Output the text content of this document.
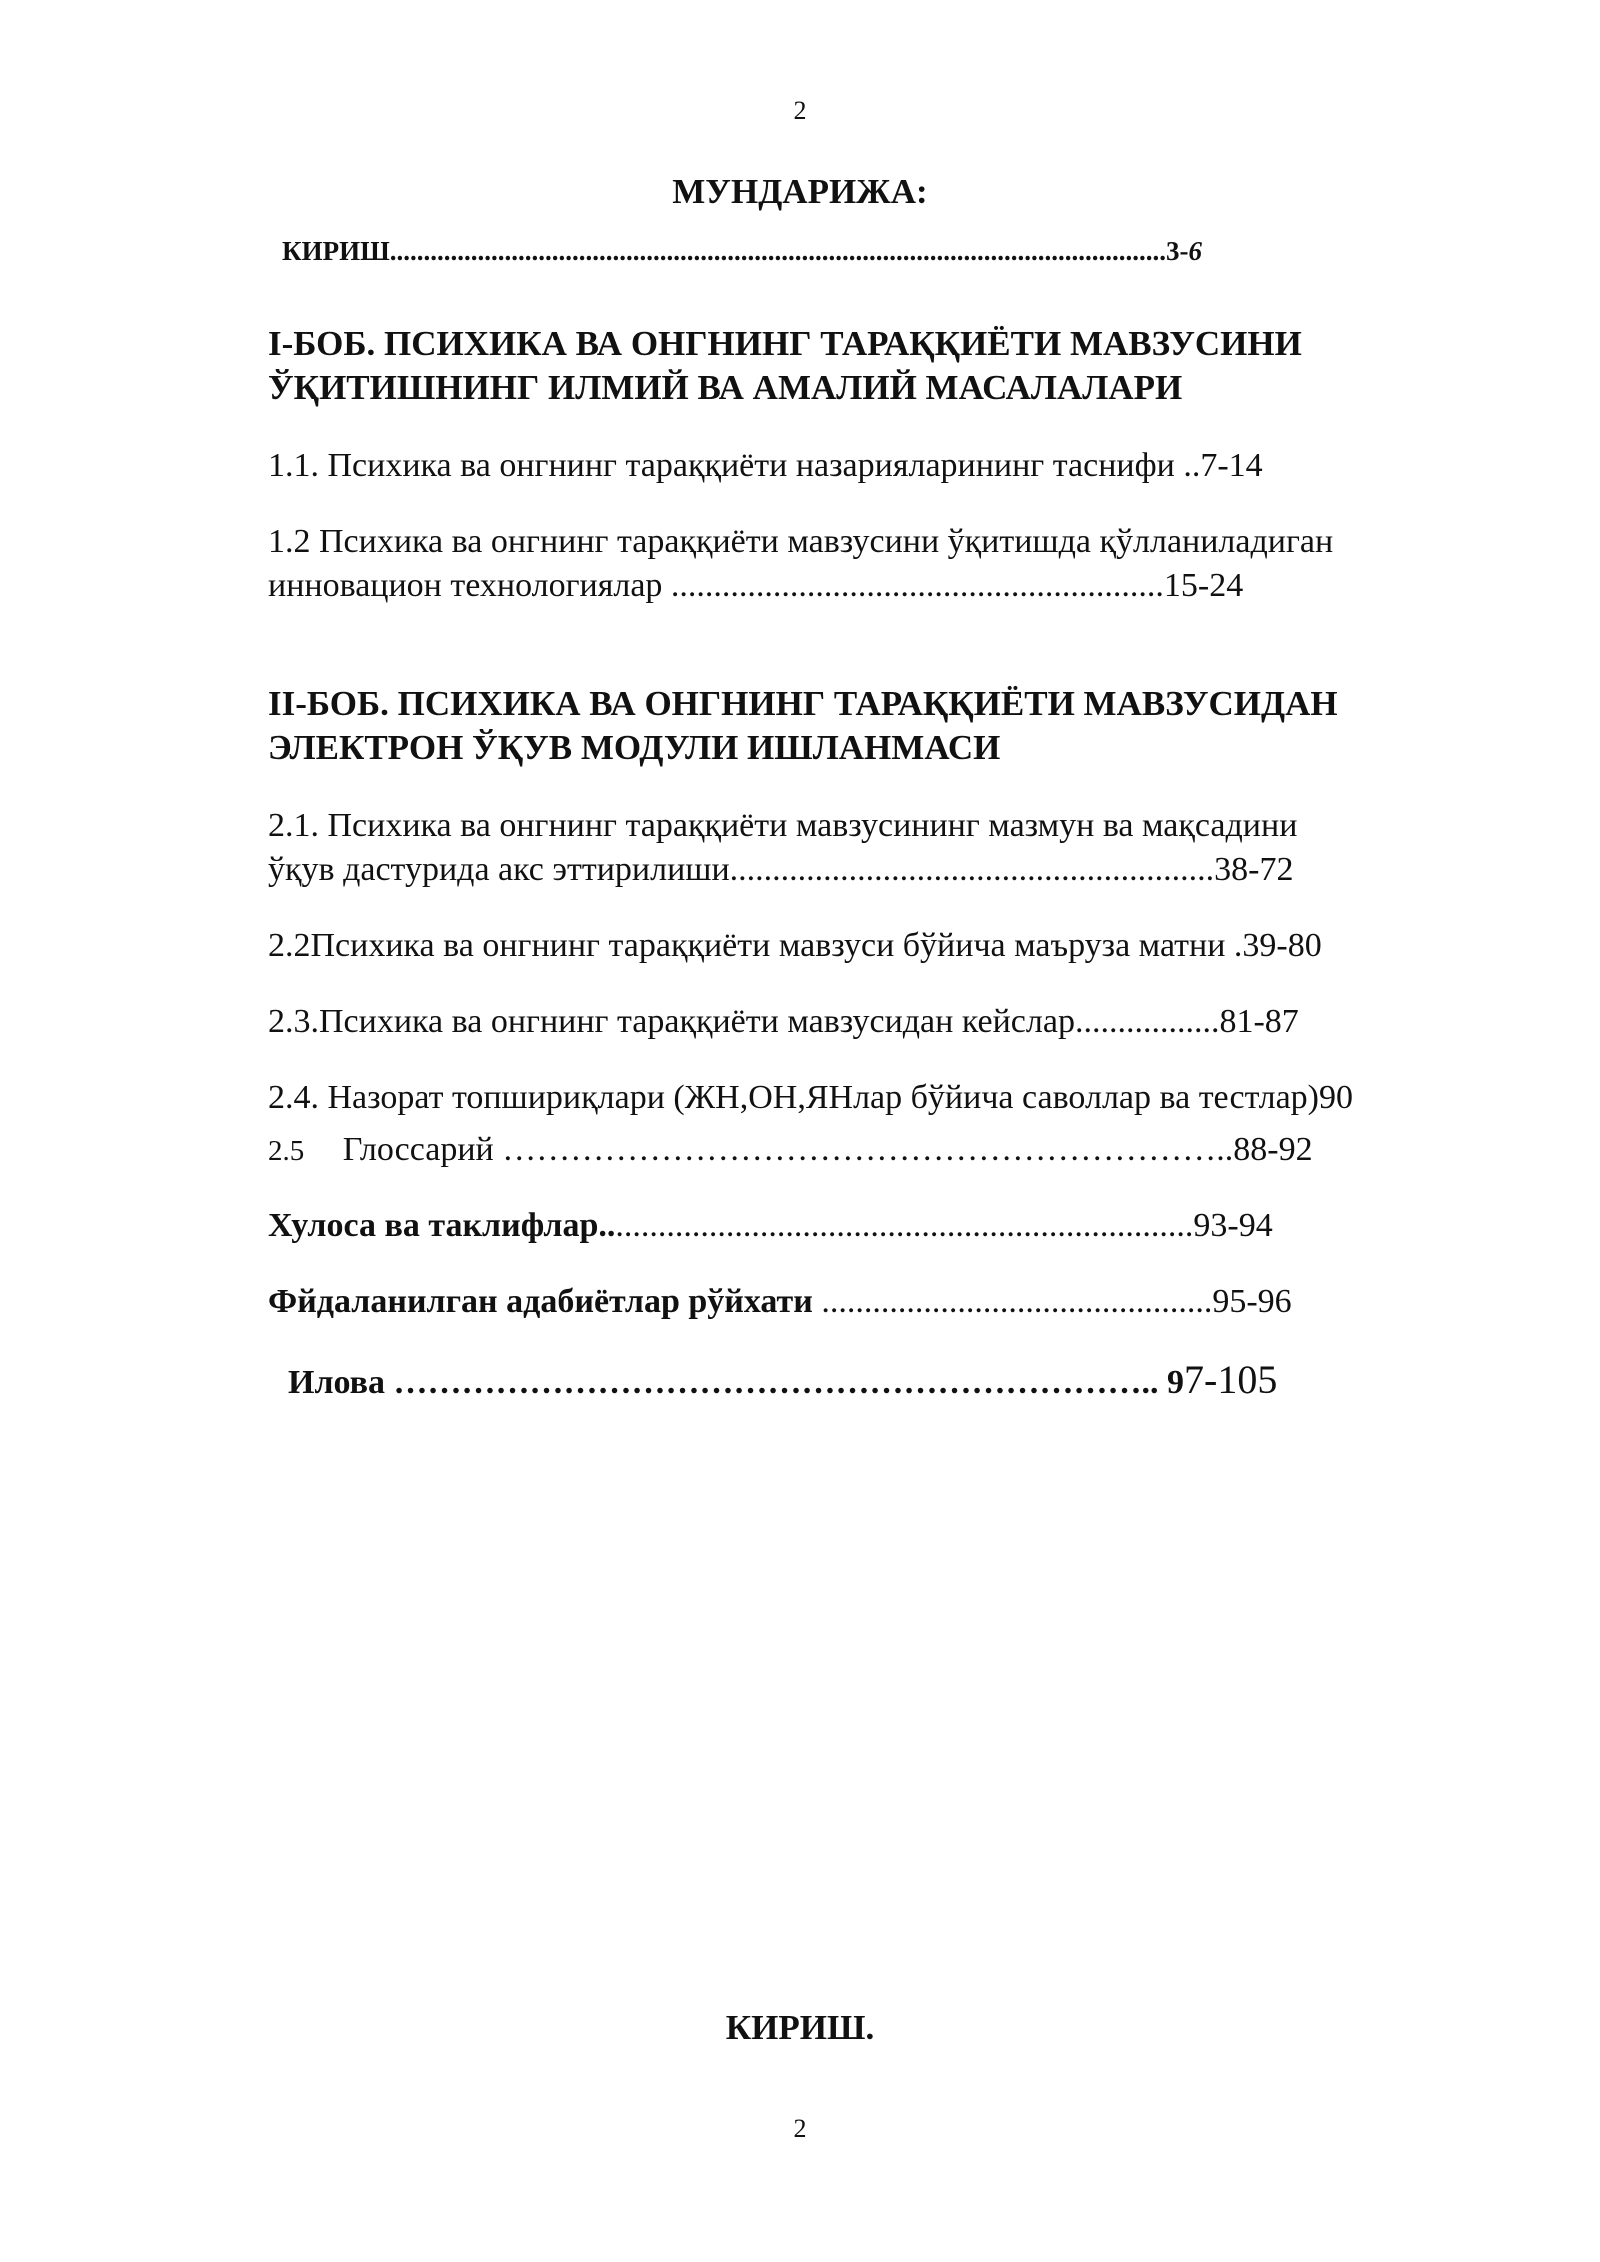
2
МУНДАРИЖА:
КИРИШ...................................................................................................................3-6
I-БОБ. ПСИХИКА ВА ОНГНИНГ ТАРАҚҚИЁТИ МАВЗУСИНИ
ЎҚИТИШНИНГ ИЛМИЙ ВА АМАЛИЙ МАСАЛАЛАРИ
1.1. Психика ва онгнинг тараққиёти назарияларининг таснифи ..7-14
1.2 Психика ва онгнинг тараққиёти мавзусини ўқитишда қўлланиладиган
инновацион технологиялар ..........................................................15-24
II-БОБ. ПСИХИКА ВА ОНГНИНГ ТАРАҚҚИЁТИ МАВЗУСИДАН
ЭЛЕКТРОН ЎҚУВ МОДУЛИ ИШЛАНМАСИ
2.1. Психика ва онгнинг тараққиёти мавзусининг мазмун ва мақсадини
ўқув дастурида акс эттирилиши.........................................................38-72
2.2Психика ва онгнинг тараққиёти мавзуси бўйича маъруза матни .39-80
2.3.Психика ва онгнинг тараққиёти мавзусидан кейслар.................81-87
2.4. Назорат топшириқлари (ЖН,ОН,ЯНлар бўйича саволлар ва тестлар)90
2.5 Глоссарий ………………………………………………………..88-92
Хулоса ва таклифлар......................................................................93-94
Фйдаланилган адабиётлар рўйхати ..............................................95-96
Илова ………………………………………………………….. 97-105
КИРИШ.
2
